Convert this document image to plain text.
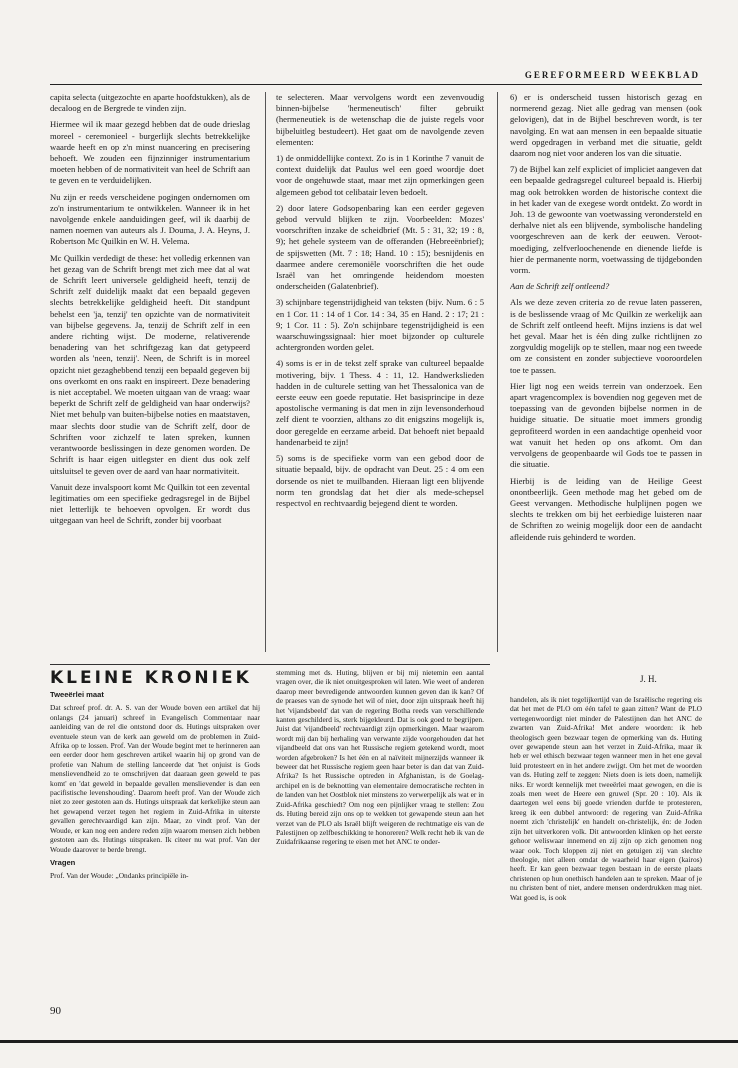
GEREFORMEERD WEEKBLAD

capita selecta (uitgezochte en aparte hoofdstukken), als de decaloog en de Bergrede te vinden zijn.

Hiermee wil ik maar gezegd hebben dat de oude drieslag moreel - ceremonieel - burgerlijk slechts betrekkelijke waarde heeft en op z'n minst nuancering en precisering behoeft. We zouden een fijnzinniger instrumentarium moeten hebben of de normativiteit van heel de Schrift aan te geven en te verduidelijken.

Nu zijn er reeds verscheidene pogingen ondernomen om zo'n instrumentarium te ontwikkelen. Wanneer ik in het navolgende enkele aanduidingen geef, wil ik daarbij de namen noemen van auteurs als J. Douma, J. A. Heyns, J. Robertson Mc Quilkin en W. H. Velema.

Mc Quilkin verdedigt de these: het volledig erkennen van het gezag van de Schrift brengt met zich mee dat al wat de Schrift leert universele geldigheid heeft, tenzij de Schrift zelf duidelijk maakt dat een bepaald gegeven slechts betrekkelijke geldigheid heeft. Dit standpunt behelst een 'ja, tenzij' ten opzichte van de normativiteit van bijbelse gegevens. Ja, tenzij de Schrift zelf in een andere richting wijst. De moderne, relativerende benadering van het schriftgezag kan dat getypeerd worden als 'neen, tenzij'. Neen, de Schrift is in moreel opzicht niet gezaghebbend tenzij een bepaald gegeven bij ons overkomt en ons raakt en inspireert. Deze benadering is niet acceptabel. We moeten uitgaan van de vraag: waar beperkt de Schrift zelf de geldigheid van haar onderwijs? Niet met behulp van buiten-bijbelse noties en maatstaven, maar slechts door studie van de Schrift zelf, door de Schriften voor zichzelf te laten spreken, kunnen verantwoorde beslissingen in deze genomen worden. De Schrift is haar eigen uitlegster en dient dus ook zelf uitsluitsel te geven over de aard van haar normativiteit.

Vanuit deze invalspoort komt Mc Quilkin tot een zevental legitimaties om een specifieke gedragsregel in de Bijbel niet letterlijk te behoeven opvolgen. Er wordt dus uitgegaan van heel de Schrift, zonder bij voorbaat

te selecteren. Maar vervolgens wordt een zevenvoudig binnen-bijbelse 'hermeneutisch' filter gebruikt (hermeneutiek is de wetenschap die de juiste regels voor bijbeluitleg bestudeert). Het gaat om de navolgende zeven elementen:

1) de onmiddellijke context. Zo is in 1 Korinthe 7 vanuit de context duidelijk dat Paulus wel een goed woordje doet voor de ongehuwde staat, maar met zijn opmerkingen geen algemeen gebod tot celibatair leven bedoelt.

2) door latere Godsopenbaring kan een eerder gegeven gebod vervuld blijken te zijn. Voorbeelden: Mozes' voorschriften inzake de scheidbrief (Mt. 5 : 31, 32; 19 : 8, 9); het gehele systeem van de offeranden (Hebreeënbrief); de spijswetten (Mt. 7 : 18; Hand. 10 : 15); besnijdenis en daarmee andere ceremoniële voorschriften die het oude Israël van het omringende heidendom moesten onderscheiden (Galatenbrief).

3) schijnbare tegenstrijdigheid van teksten (bijv. Num. 6 : 5 en 1 Cor. 11 : 14 of 1 Cor. 14 : 34, 35 en Hand. 2 : 17; 21 : 9; 1 Cor. 11 : 5). Zo'n schijnbare tegenstrijdigheid is een waarschuwingssignaal: hier moet bijzonder op culturele achtergronden worden gelet.

4) soms is er in de tekst zelf sprake van cultureel bepaalde motivering, bijv. 1 Thess. 4 : 11, 12. Handwerkslieden hadden in de culturele setting van het Thessalonica van de eerste eeuw een goede reputatie. Het basisprincipe in deze apostolische vermaning is dat men in zijn levensonderhoud zelf dient te voorzien, althans zo dit enigszins mogelijk is, door geregelde en eerzame arbeid. Dat behoeft niet bepaald handenarbeid te zijn!

5) soms is de specifieke vorm van een gebod door de situatie bepaald, bijv. de opdracht van Deut. 25 : 4 om een dorsende os niet te muilbanden. Hieraan ligt een blijvende norm ten grondslag dat het dier als mede-schepsel respectvol en rechtvaardig bejegend dient te worden.

6) er is onderscheid tussen historisch gezag en normerend gezag. Niet alle gedrag van mensen (ook gelovigen), dat in de Bijbel beschreven wordt, is ter navolging. En wat aan mensen in een bepaalde situatie werd opgedragen in verband met die situatie, geldt daarom nog niet voor anderen los van die situatie.

7) de Bijbel kan zelf expliciet of impliciet aangeven dat een bepaalde gedragsregel cultureel bepaald is. Hierbij mag ook betrokken worden de historische context die in het kader van de exegese wordt ontdekt. Zo wordt in Joh. 13 de gewoonte van voetwassing verondersteld en derhalve niet als een blijvende, symbolische handeling voorgeschreven aan de kerk der eeuwen. Veroot-moediging, zelfverloochenende en dienende liefde is hier de permanente norm, voetwassing de tijdgebonden vorm.

Aan de Schrift zelf ontleend?

Als we deze zeven criteria zo de revue laten passeren, is de beslissende vraag of Mc Quilkin ze werkelijk aan de Schrift zelf ontleend heeft. Mijns inziens is dat wel het geval. Maar het is één ding zulke richtlijnen zo zorgvuldig mogelijk op te stellen, maar nog een tweede om ze consistent en zonder subjectieve vooroordelen toe te passen.

Hier ligt nog een weids terrein van onderzoek. Een apart vragencomplex is bovendien nog gegeven met de toepassing van de gevonden bijbelse normen in de huidige situatie. De situatie moet immers grondig geprofiteerd worden in een aandachtige openheid voor wat vanuit het heden op ons afkomt. Om dan vervolgens de geopenbaarde wil Gods toe te passen in die situatie.

Hierbij is de leiding van de Heilige Geest onontbeerlijk. Geen methode mag het gebed om de Geest vervangen. Methodische hulplijnen pogen we slechts te trekken om bij het eerbiedige luisteren naar de Schriften zo weinig mogelijk door een de aandacht afleidende ruis gehinderd te worden.

J. H.
KLEINE KRONIEK

Tweeërlei maat

Dat schreef prof. dr. A. S. van der Woude boven een artikel dat hij onlangs (24 januari) schreef in Evangelisch Commentaar naar aanleiding van de rel die ontstond door ds. Hutings uitspraken over eventuele steun van de kerk aan geweld om de problemen in Zuid-Afrika op te lossen. Prof. Van der Woude begint met te herinneren aan een eerder door hem geschreven artikel waarin hij op grond van de profetie van Nahum de stelling lanceerde dat 'het onjuist is Gods menslievendheid zo te omschrijven dat daaraan geen geweld te pas komt' en 'dat geweld in bepaalde gevallen menslievender is dan een pacifistische levenshouding'. Daarom heeft prof. Van der Woude zich niet zo zeer gestoten aan ds. Hutings uitspraak dat kerkelijke steun aan het gewapend verzet tegen het regiem in Zuid-Afrika in uiterste gevallen gerechtvaardigd kan zijn. Maar, zo vindt prof. Van der Woude, er kan nog een andere reden zijn waarom mensen zich hebben gestoten aan ds. Hutings uitspraken. Ik citeer nu wat prof. Van der Woude daarover te berde brengt.

Vragen

Prof. Van der Woude: „Ondanks principiële in-

stemming met ds. Huting, blijven er bij mij nietemin een aantal vragen over, die ik niet onuitgesproken wil laten. Wie weet of anderen daarop meer bevredigende antwoorden kunnen geven dan ik kan? Of de praeses van de synode het wil of niet, door zijn uitspraak heeft hij het 'vijandsbeeld' dat van de regering Botha reeds van verschillende kanten geschilderd is, sterk bijgekleurd. Dat is ook goed te begrijpen. Juist dat 'vijandbeeld' rechtvaardigt zijn opmerkingen. Maar waarom wordt mij dan bij herhaling van verwante zijde voorgehouden dat het vijandbeeld dat ons van het Russische regiem getekend wordt, moet worden afgebroken? Is het één en al naïviteit mijnerzijds wanneer ik beweer dat het Russische regiem geen haar beter is dan dat van Zuid-Afrika? Is het Russische optreden in Afghanistan, is de Goelag-archipel en is de beknotting van elementaire democratische rechten in de landen van het Oostblok niet minstens zo verwerpelijk als wat er in Zuid-Afrika geschiedt? Om nog een pijnlijker vraag te stellen: Zou ds. Huting bereid zijn ons op te wekken tot gewapende steun aan het verzet van de PLO als Israël blijft weigeren de rechtmatige eis van de Palestijnen op zelfbeschikking te honoreren? Welk recht heb ik van de Zuidafrikaanse regering te eisen met het ANC te onder-

handelen, als ik niet tegelijkertijd van de Israëlische regering eis dat het met de PLO om één tafel te gaan zitten? Want de PLO vertegenwoordigt niet minder de Palestijnen dan het ANC de zwarten van Zuid-Afrika! Met andere woorden: ik heb theologisch geen bezwaar tegen de opmerking van ds. Huting over gewapende steun aan het verzet in Zuid-Afrika, maar ik heb er wel ethisch bezwaar tegen wanneer men in het ene geval luid protesteert en in het andere zwijgt. Om het met de woorden van ds. Huting zelf te zeggen: Niets doen is iets doen, namelijk niks. Er wordt kennelijk met tweeërlei maat gewogen, en die is zoals men weet de Heere een gruwel (Spr. 20 : 10). Als ik daartegen wel eens bij goede vrienden durfde te protesteren, kreeg ik een dubbel antwoord: de regering van Zuid-Afrika noemt zich 'christelijk' en handelt on-christelijk, én: de Joden zijn het uitverkoren volk. Dit antwoorden klinken op het eerste gehoor weliswaar innemend en zij zijn op zich genomen nog waar ook. Toch kloppen zij niet en getuigen zij van slechte theologie, niet alleen omdat de waarheid haar eigen (kairos) heeft. Er kan geen bezwaar tegen bestaan in de eerste plaats christenen op hun onethisch handelen aan te spreken. Maar of je nu christen bent of niet, andere mensen onderdrukken mag niet. Wat goed is, is ook

90
